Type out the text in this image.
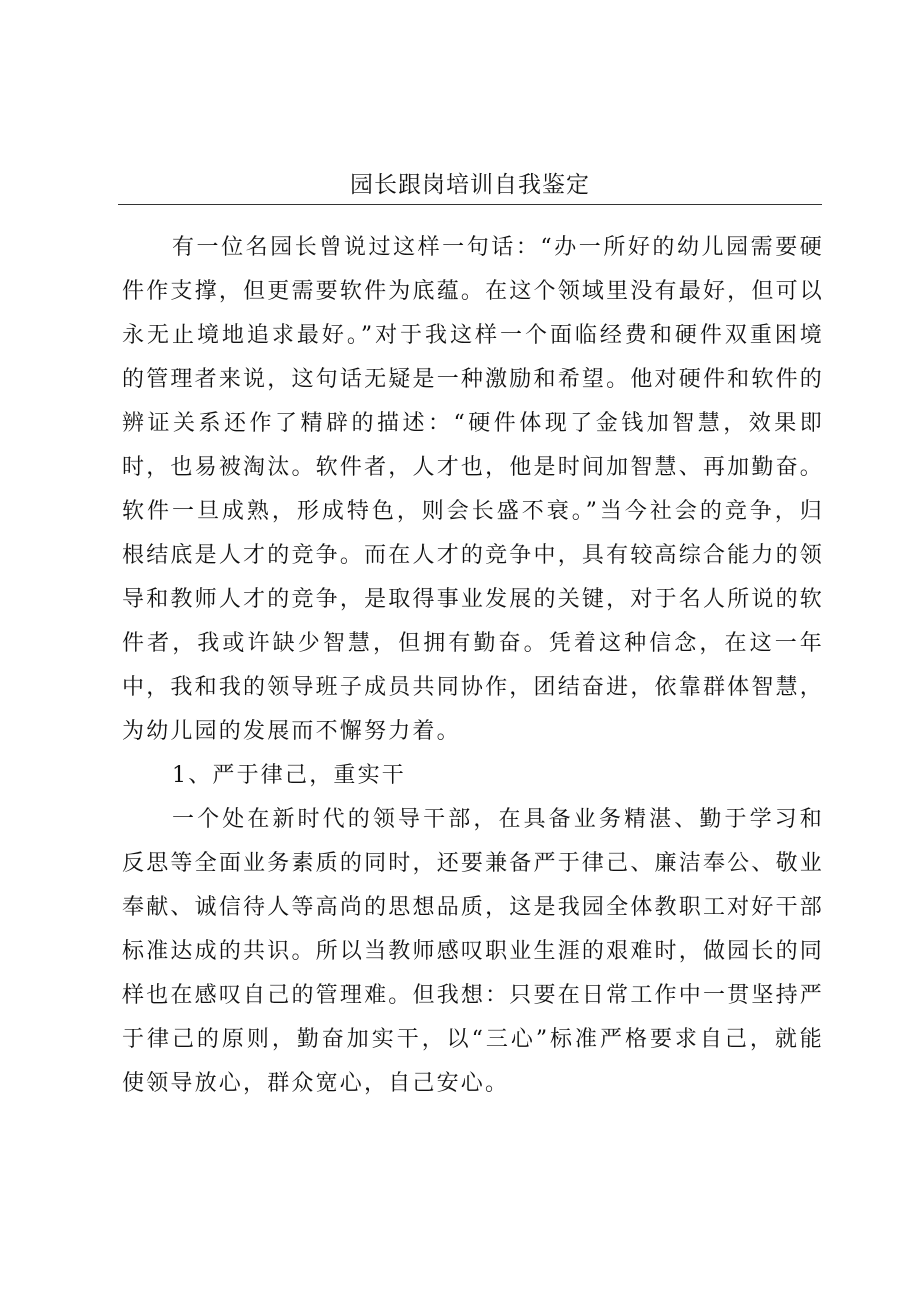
园长跟岗培训自我鉴定

有一位名园长曾说过这样一句话：“办一所好的幼儿园需要硬件作支撑，但更需要软件为底蕴。在这个领域里没有最好，但可以永无止境地追求最好。”对于我这样一个面临经费和硬件双重困境的管理者来说，这句话无疑是一种激励和希望。他对硬件和软件的辨证关系还作了精辟的描述：“硬件体现了金钱加智慧，效果即时，也易被淘汰。软件者，人才也，他是时间加智慧、再加勤奋。软件一旦成熟，形成特色，则会长盛不衰。”当今社会的竞争，归根结底是人才的竞争。而在人才的竞争中，具有较高综合能力的领导和教师人才的竞争，是取得事业发展的关键，对于名人所说的软件者，我或许缺少智慧，但拥有勤奋。凭着这种信念，在这一年中，我和我的领导班子成员共同协作，团结奋进，依靠群体智慧，为幼儿园的发展而不懈努力着。

1、严于律己，重实干

一个处在新时代的领导干部，在具备业务精湛、勤于学习和反思等全面业务素质的同时，还要兼备严于律己、廉洁奉公、敬业奉献、诚信待人等高尚的思想品质，这是我园全体教职工对好干部标准达成的共识。所以当教师感叹职业生涯的艰难时，做园长的同样也在感叹自己的管理难。但我想：只要在日常工作中一贯坚持严于律己的原则，勤奋加实干，以“三心”标准严格要求自己，就能使领导放心，群众宽心，自己安心。
